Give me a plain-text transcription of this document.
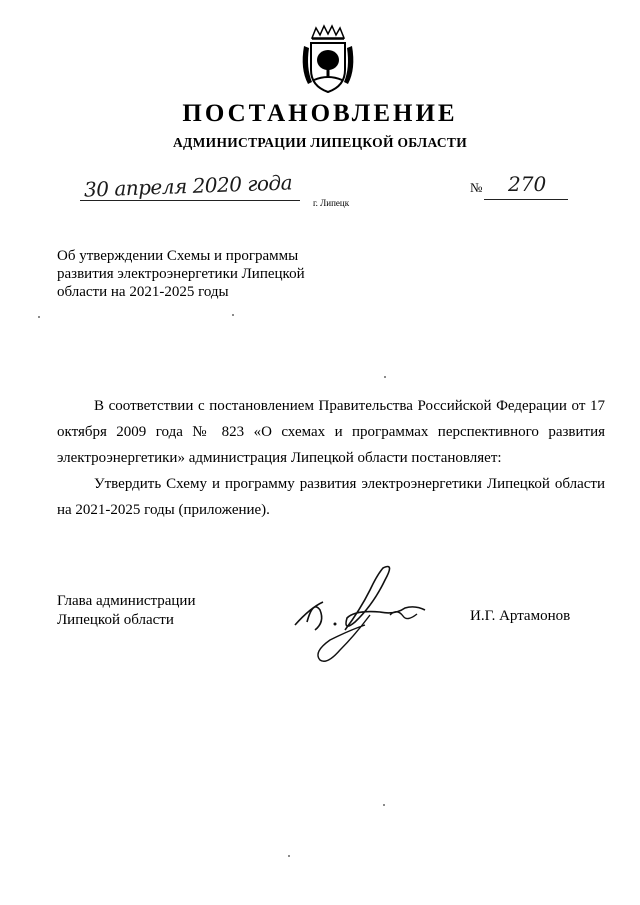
ПОСТАНОВЛЕНИЕ
АДМИНИСТРАЦИИ ЛИПЕЦКОЙ ОБЛАСТИ
30 апреля 2020 года
г. Липецк
№ 270
Об утверждении Схемы и программы
развития электроэнергетики Липецкой
области на 2021-2025 годы

В соответствии с постановлением Правительства Российской Федерации от 17 октября 2009 года № 823 «О схемах и программах перспективного развития электроэнергетики» администрация Липецкой области постановляет:

Утвердить Схему и программу развития электроэнергетики Липецкой области на 2021-2025 годы (приложение).

Глава администрации
Липецкой области	И.Г. Артамонов
